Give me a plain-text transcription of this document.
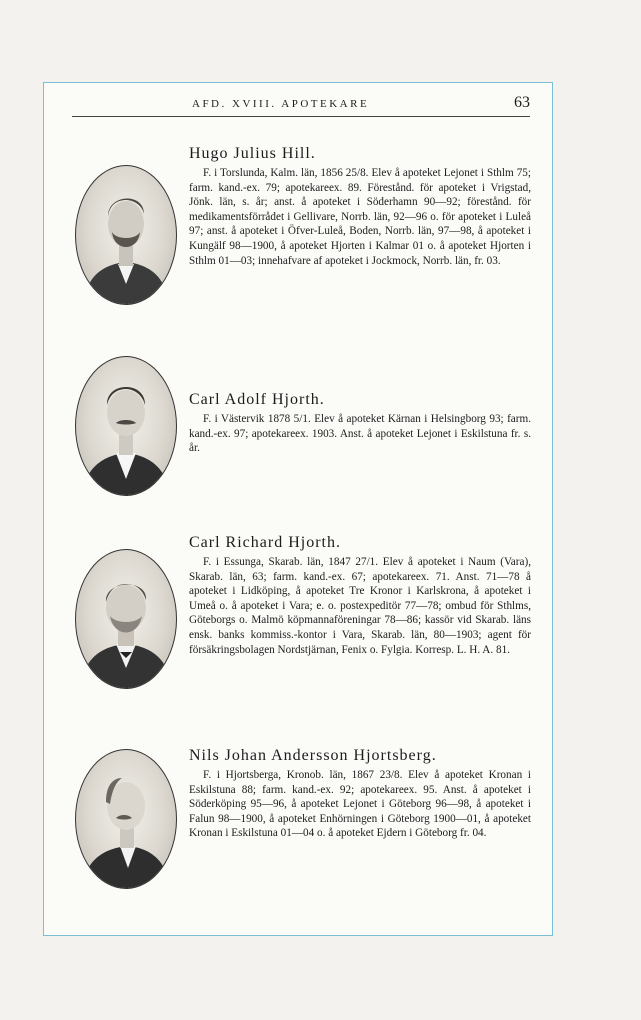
AFD. XVIII. APOTEKARE	63
Hugo Julius Hill.
F. i Torslunda, Kalm. län, 1856 25/8. Elev å apoteket Lejonet i Sthlm 75; farm. kand.-ex. 79; apotekareex. 89. Förestånd. för apoteket i Vrigstad, Jönk. län, s. år; anst. å apoteket i Söderhamn 90—92; förestånd. för medikamentsförrådet i Gellivare, Norrb. län, 92—96 o. för apoteket i Luleå 97; anst. å apoteket i Öfver-Luleå, Boden, Norrb. län, 97—98, å apoteket i Kungälf 98—1900, å apoteket Hjorten i Kalmar 01 o. å apoteket Hjorten i Sthlm 01—03; innehafvare af apoteket i Jockmock, Norrb. län, fr. 03.
Carl Adolf Hjorth.
F. i Västervik 1878 5/1. Elev å apoteket Kärnan i Helsingborg 93; farm. kand.-ex. 97; apotekareex. 1903. Anst. å apoteket Lejonet i Eskilstuna fr. s. år.
Carl Richard Hjorth.
F. i Essunga, Skarab. län, 1847 27/1. Elev å apoteket i Naum (Vara), Skarab. län, 63; farm. kand.-ex. 67; apotekareex. 71. Anst. 71—78 å apoteket i Lidköping, å apoteket Tre Kronor i Karlskrona, å apoteket i Umeå o. å apoteket i Vara; e. o. postexpeditör 77—78; ombud för Sthlms, Göteborgs o. Malmö köpmannaföreningar 78—86; kassör vid Skarab. läns ensk. banks kommiss.-kontor i Vara, Skarab. län, 80—1903; agent för försäkringsbolagen Nordstjärnan, Fenix o. Fylgia. Korresp. L. H. A. 81.
Nils Johan Andersson Hjortsberg.
F. i Hjortsberga, Kronob. län, 1867 23/8. Elev å apoteket Kronan i Eskilstuna 88; farm. kand.-ex. 92; apotekareex. 95. Anst. å apoteket i Söderköping 95—96, å apoteket Lejonet i Göteborg 96—98, å apoteket i Falun 98—1900, å apoteket Enhörningen i Göteborg 1900—01, å apoteket Kronan i Eskilstuna 01—04 o. å apoteket Ejdern i Göteborg fr. 04.
